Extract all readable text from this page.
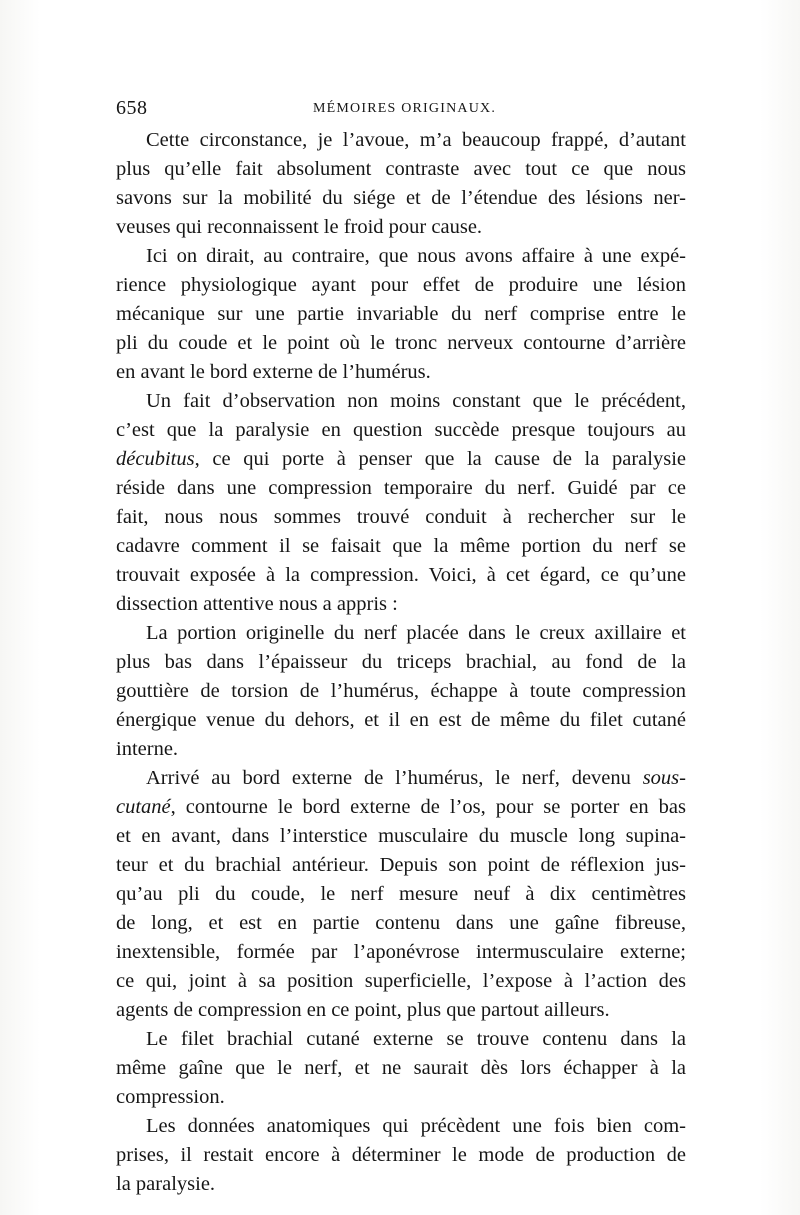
658	MÉMOIRES ORIGINAUX.
Cette circonstance, je l’avoue, m’a beaucoup frappé, d’autant
plus qu’elle fait absolument contraste avec tout ce que nous
savons sur la mobilité du siége et de l’étendue des lésions ner-
veuses qui reconnaissent le froid pour cause.
Ici on dirait, au contraire, que nous avons affaire à une expé-
rience physiologique ayant pour effet de produire une lésion
mécanique sur une partie invariable du nerf comprise entre le
pli du coude et le point où le tronc nerveux contourne d’arrière
en avant le bord externe de l’humérus.
Un fait d’observation non moins constant que le précédent,
c’est que la paralysie en question succède presque toujours au
décubitus, ce qui porte à penser que la cause de la paralysie
réside dans une compression temporaire du nerf. Guidé par ce
fait, nous nous sommes trouvé conduit à rechercher sur le
cadavre comment il se faisait que la même portion du nerf se
trouvait exposée à la compression. Voici, à cet égard, ce qu’une
dissection attentive nous a appris :
La portion originelle du nerf placée dans le creux axillaire et
plus bas dans l’épaisseur du triceps brachial, au fond de la
gouttière de torsion de l’humérus, échappe à toute compression
énergique venue du dehors, et il en est de même du filet cutané
interne.
Arrivé au bord externe de l’humérus, le nerf, devenu sous-
cutané, contourne le bord externe de l’os, pour se porter en bas
et en avant, dans l’interstice musculaire du muscle long supina-
teur et du brachial antérieur. Depuis son point de réflexion jus-
qu’au pli du coude, le nerf mesure neuf à dix centimètres
de long, et est en partie contenu dans une gaîne fibreuse,
inextensible, formée par l’aponévrose intermusculaire externe;
ce qui, joint à sa position superficielle, l’expose à l’action des
agents de compression en ce point, plus que partout ailleurs.
Le filet brachial cutané externe se trouve contenu dans la
même gaîne que le nerf, et ne saurait dès lors échapper à la
compression.
Les données anatomiques qui précèdent une fois bien com-
prises, il restait encore à déterminer le mode de production de
la paralysie.
